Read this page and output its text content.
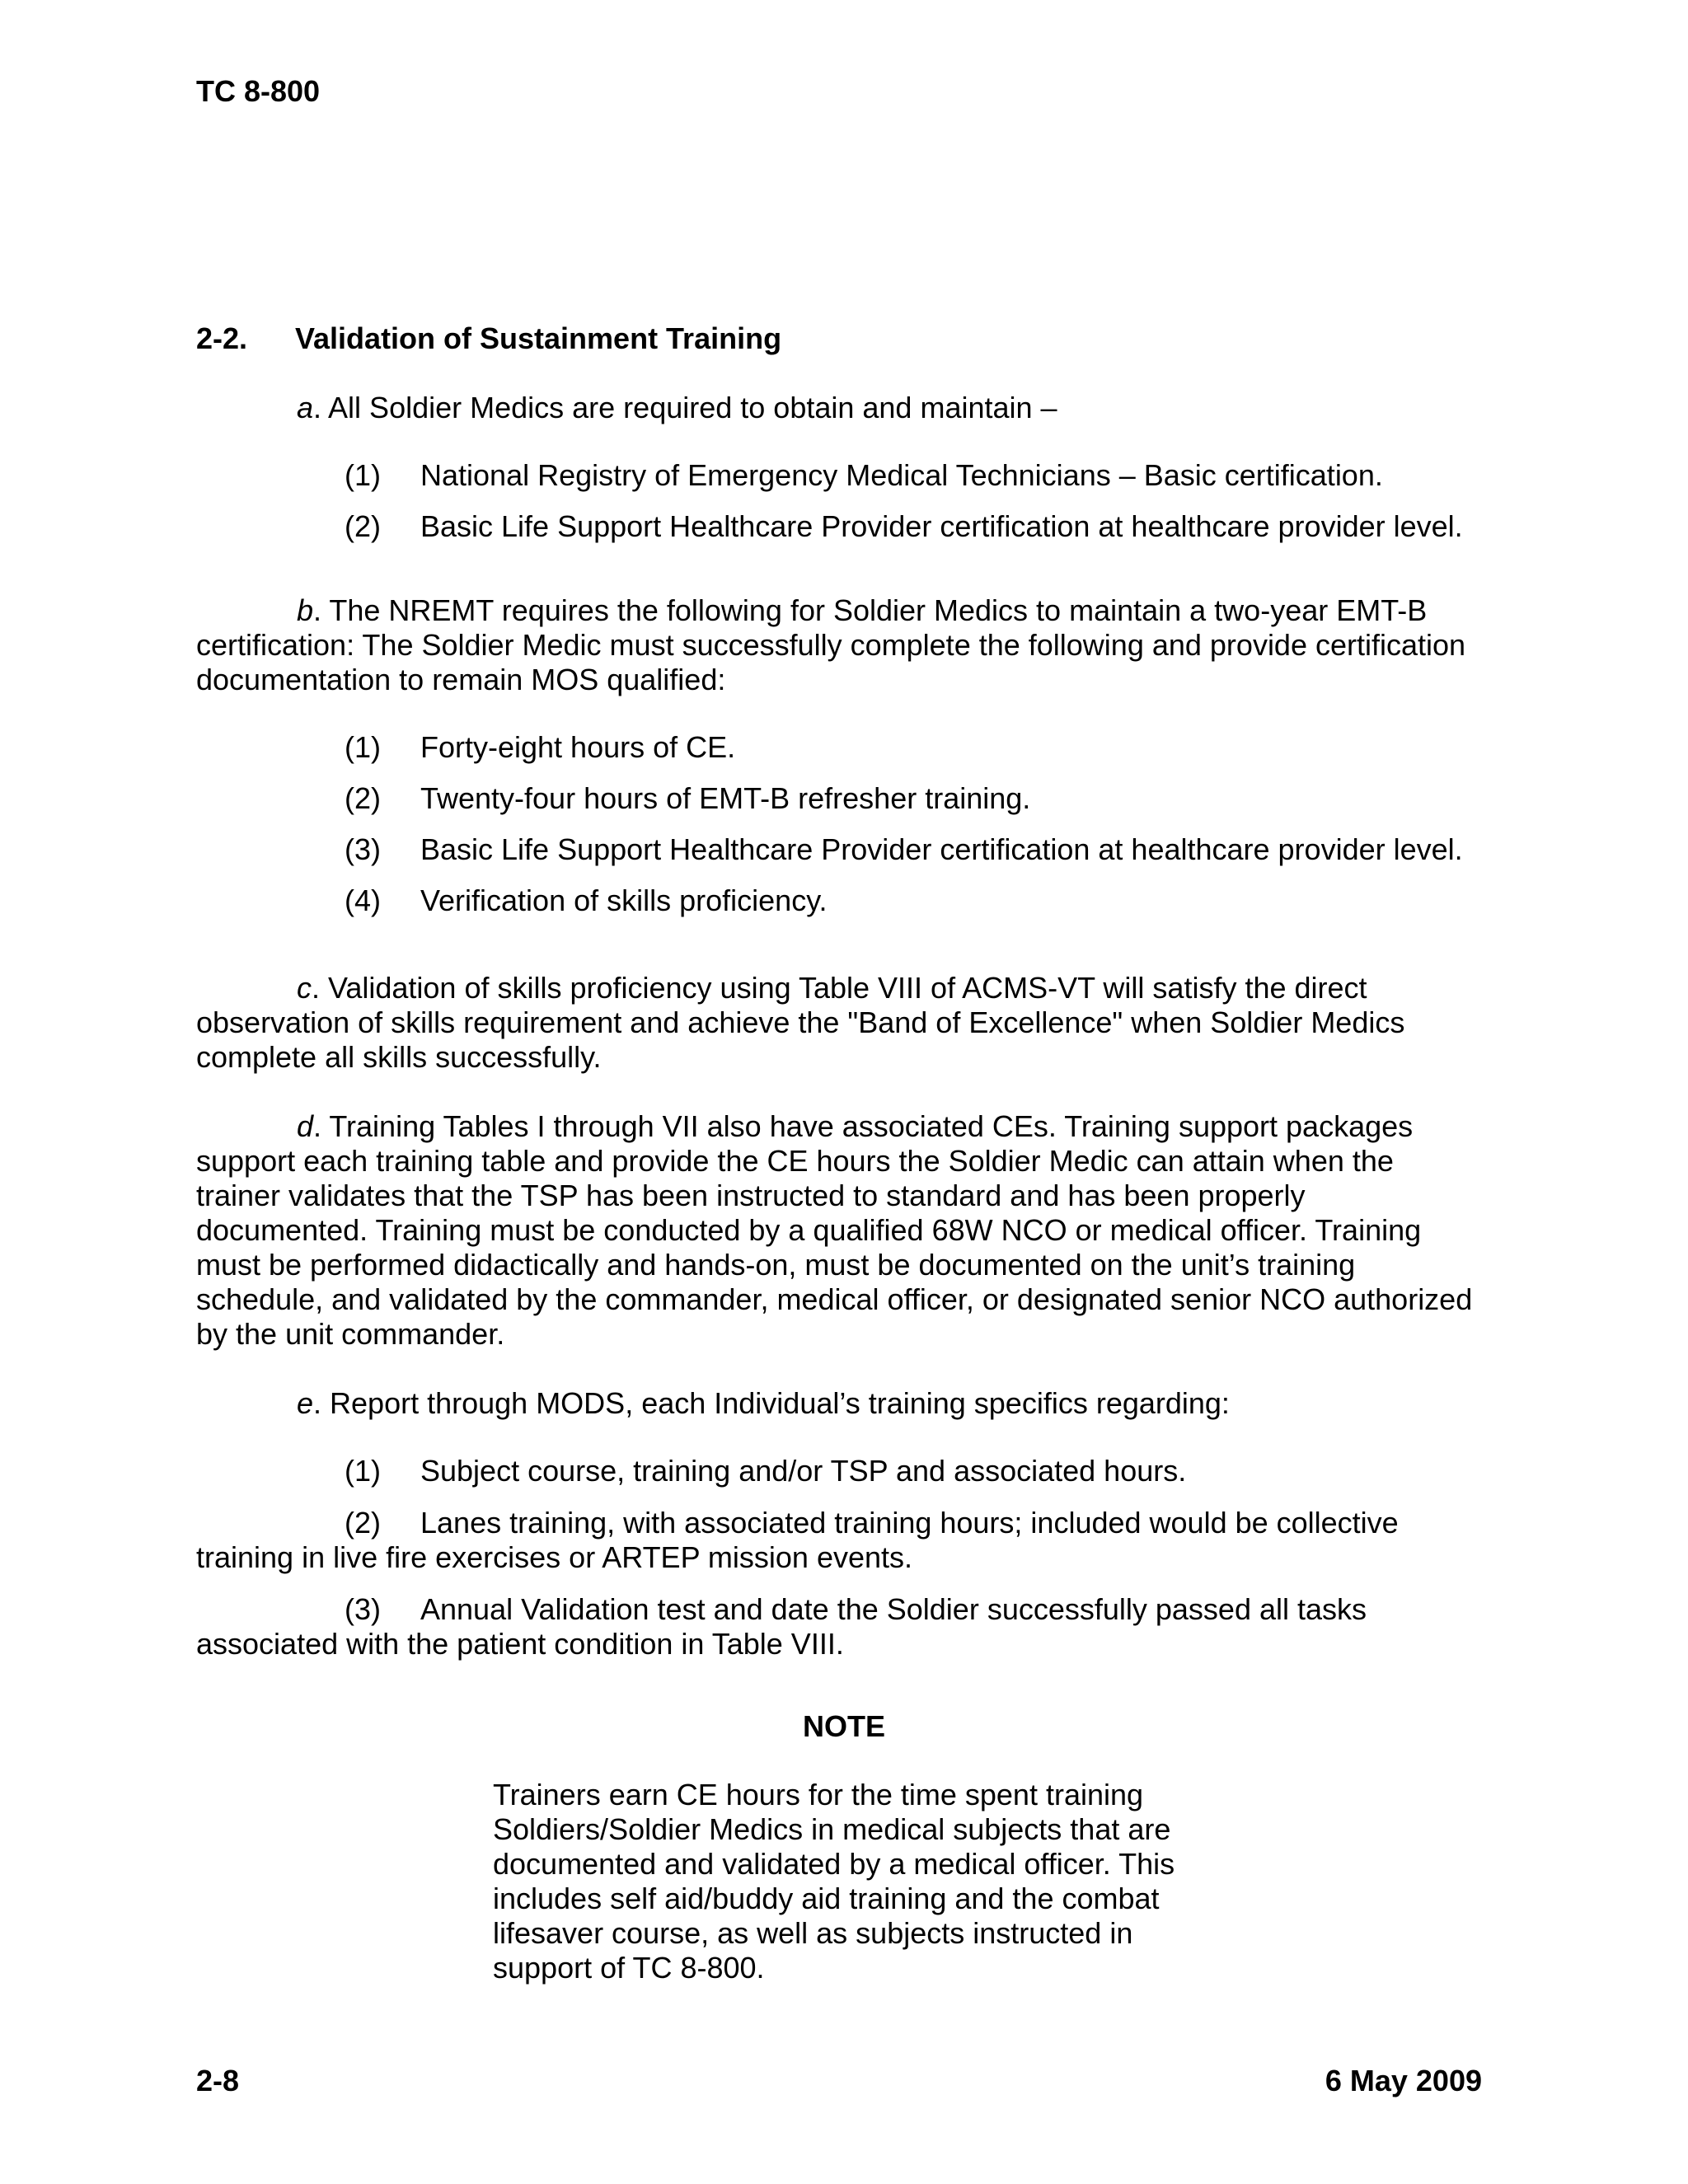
TC 8-800
2-2. Validation of Sustainment Training

a. All Soldier Medics are required to obtain and maintain –

(1) National Registry of Emergency Medical Technicians – Basic certification.
(2) Basic Life Support Healthcare Provider certification at healthcare provider level.

b. The NREMT requires the following for Soldier Medics to maintain a two-year EMT-B certification: The Soldier Medic must successfully complete the following and provide certification documentation to remain MOS qualified:

(1) Forty-eight hours of CE.
(2) Twenty-four hours of EMT-B refresher training.
(3) Basic Life Support Healthcare Provider certification at healthcare provider level.
(4) Verification of skills proficiency.

c. Validation of skills proficiency using Table VIII of ACMS-VT will satisfy the direct observation of skills requirement and achieve the "Band of Excellence" when Soldier Medics complete all skills successfully.

d. Training Tables I through VII also have associated CEs. Training support packages support each training table and provide the CE hours the Soldier Medic can attain when the trainer validates that the TSP has been instructed to standard and has been properly documented. Training must be conducted by a qualified 68W NCO or medical officer. Training must be performed didactically and hands-on, must be documented on the unit’s training schedule, and validated by the commander, medical officer, or designated senior NCO authorized by the unit commander.

e. Report through MODS, each Individual’s training specifics regarding:

(1) Subject course, training and/or TSP and associated hours.
(2) Lanes training, with associated training hours; included would be collective training in live fire exercises or ARTEP mission events.
(3) Annual Validation test and date the Soldier successfully passed all tasks associated with the patient condition in Table VIII.
NOTE
Trainers earn CE hours for the time spent training Soldiers/Soldier Medics in medical subjects that are documented and validated by a medical officer. This includes self aid/buddy aid training and the combat lifesaver course, as well as subjects instructed in support of TC 8-800.
2-8	6 May 2009
